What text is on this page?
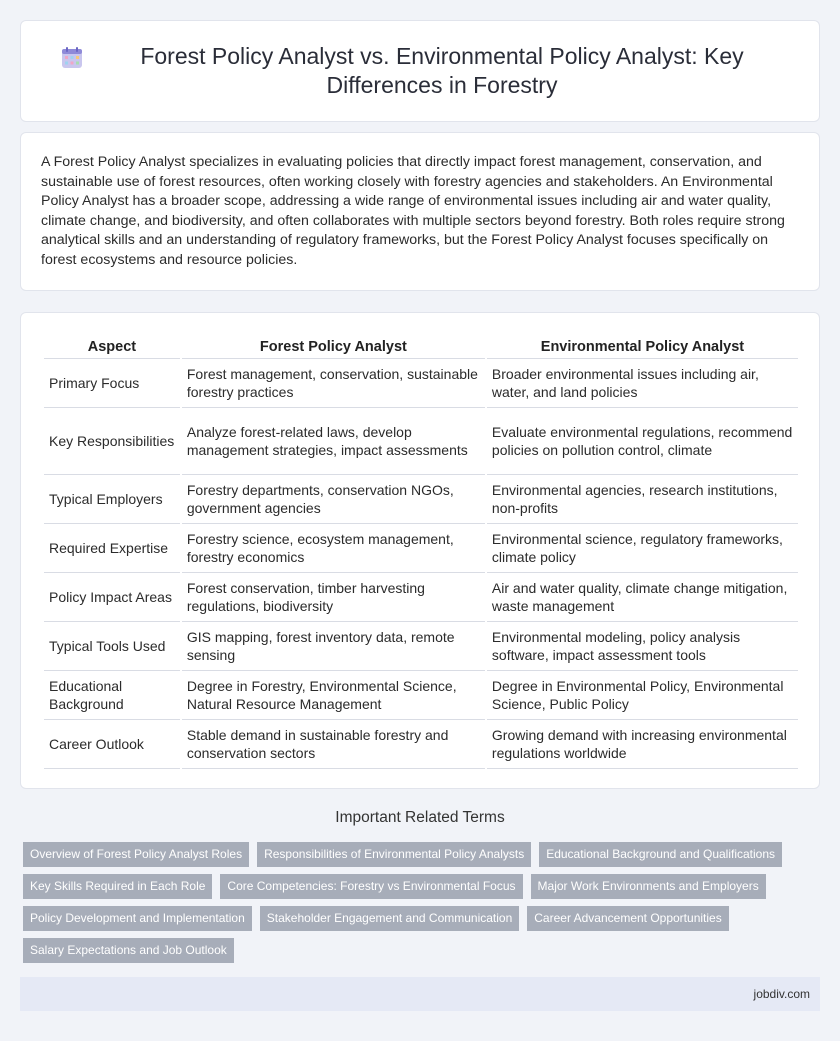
Forest Policy Analyst vs. Environmental Policy Analyst: Key Differences in Forestry

A Forest Policy Analyst specializes in evaluating policies that directly impact forest management, conservation, and sustainable use of forest resources, often working closely with forestry agencies and stakeholders. An Environmental Policy Analyst has a broader scope, addressing a wide range of environmental issues including air and water quality, climate change, and biodiversity, and often collaborates with multiple sectors beyond forestry. Both roles require strong analytical skills and an understanding of regulatory frameworks, but the Forest Policy Analyst focuses specifically on forest ecosystems and resource policies.

Aspect	Forest Policy Analyst	Environmental Policy Analyst
Primary Focus	Forest management, conservation, sustainable forestry practices	Broader environmental issues including air, water, and land policies
Key Responsibilities	Analyze forest-related laws, develop management strategies, impact assessments	Evaluate environmental regulations, recommend policies on pollution control, climate
Typical Employers	Forestry departments, conservation NGOs, government agencies	Environmental agencies, research institutions, non-profits
Required Expertise	Forestry science, ecosystem management, forestry economics	Environmental science, regulatory frameworks, climate policy
Policy Impact Areas	Forest conservation, timber harvesting regulations, biodiversity	Air and water quality, climate change mitigation, waste management
Typical Tools Used	GIS mapping, forest inventory data, remote sensing	Environmental modeling, policy analysis software, impact assessment tools
Educational Background	Degree in Forestry, Environmental Science, Natural Resource Management	Degree in Environmental Policy, Environmental Science, Public Policy
Career Outlook	Stable demand in sustainable forestry and conservation sectors	Growing demand with increasing environmental regulations worldwide
Important Related Terms
Overview of Forest Policy Analyst Roles	Responsibilities of Environmental Policy Analysts	Educational Background and Qualifications
Key Skills Required in Each Role	Core Competencies: Forestry vs Environmental Focus	Major Work Environments and Employers
Policy Development and Implementation	Stakeholder Engagement and Communication	Career Advancement Opportunities
Salary Expectations and Job Outlook
jobdiv.com
